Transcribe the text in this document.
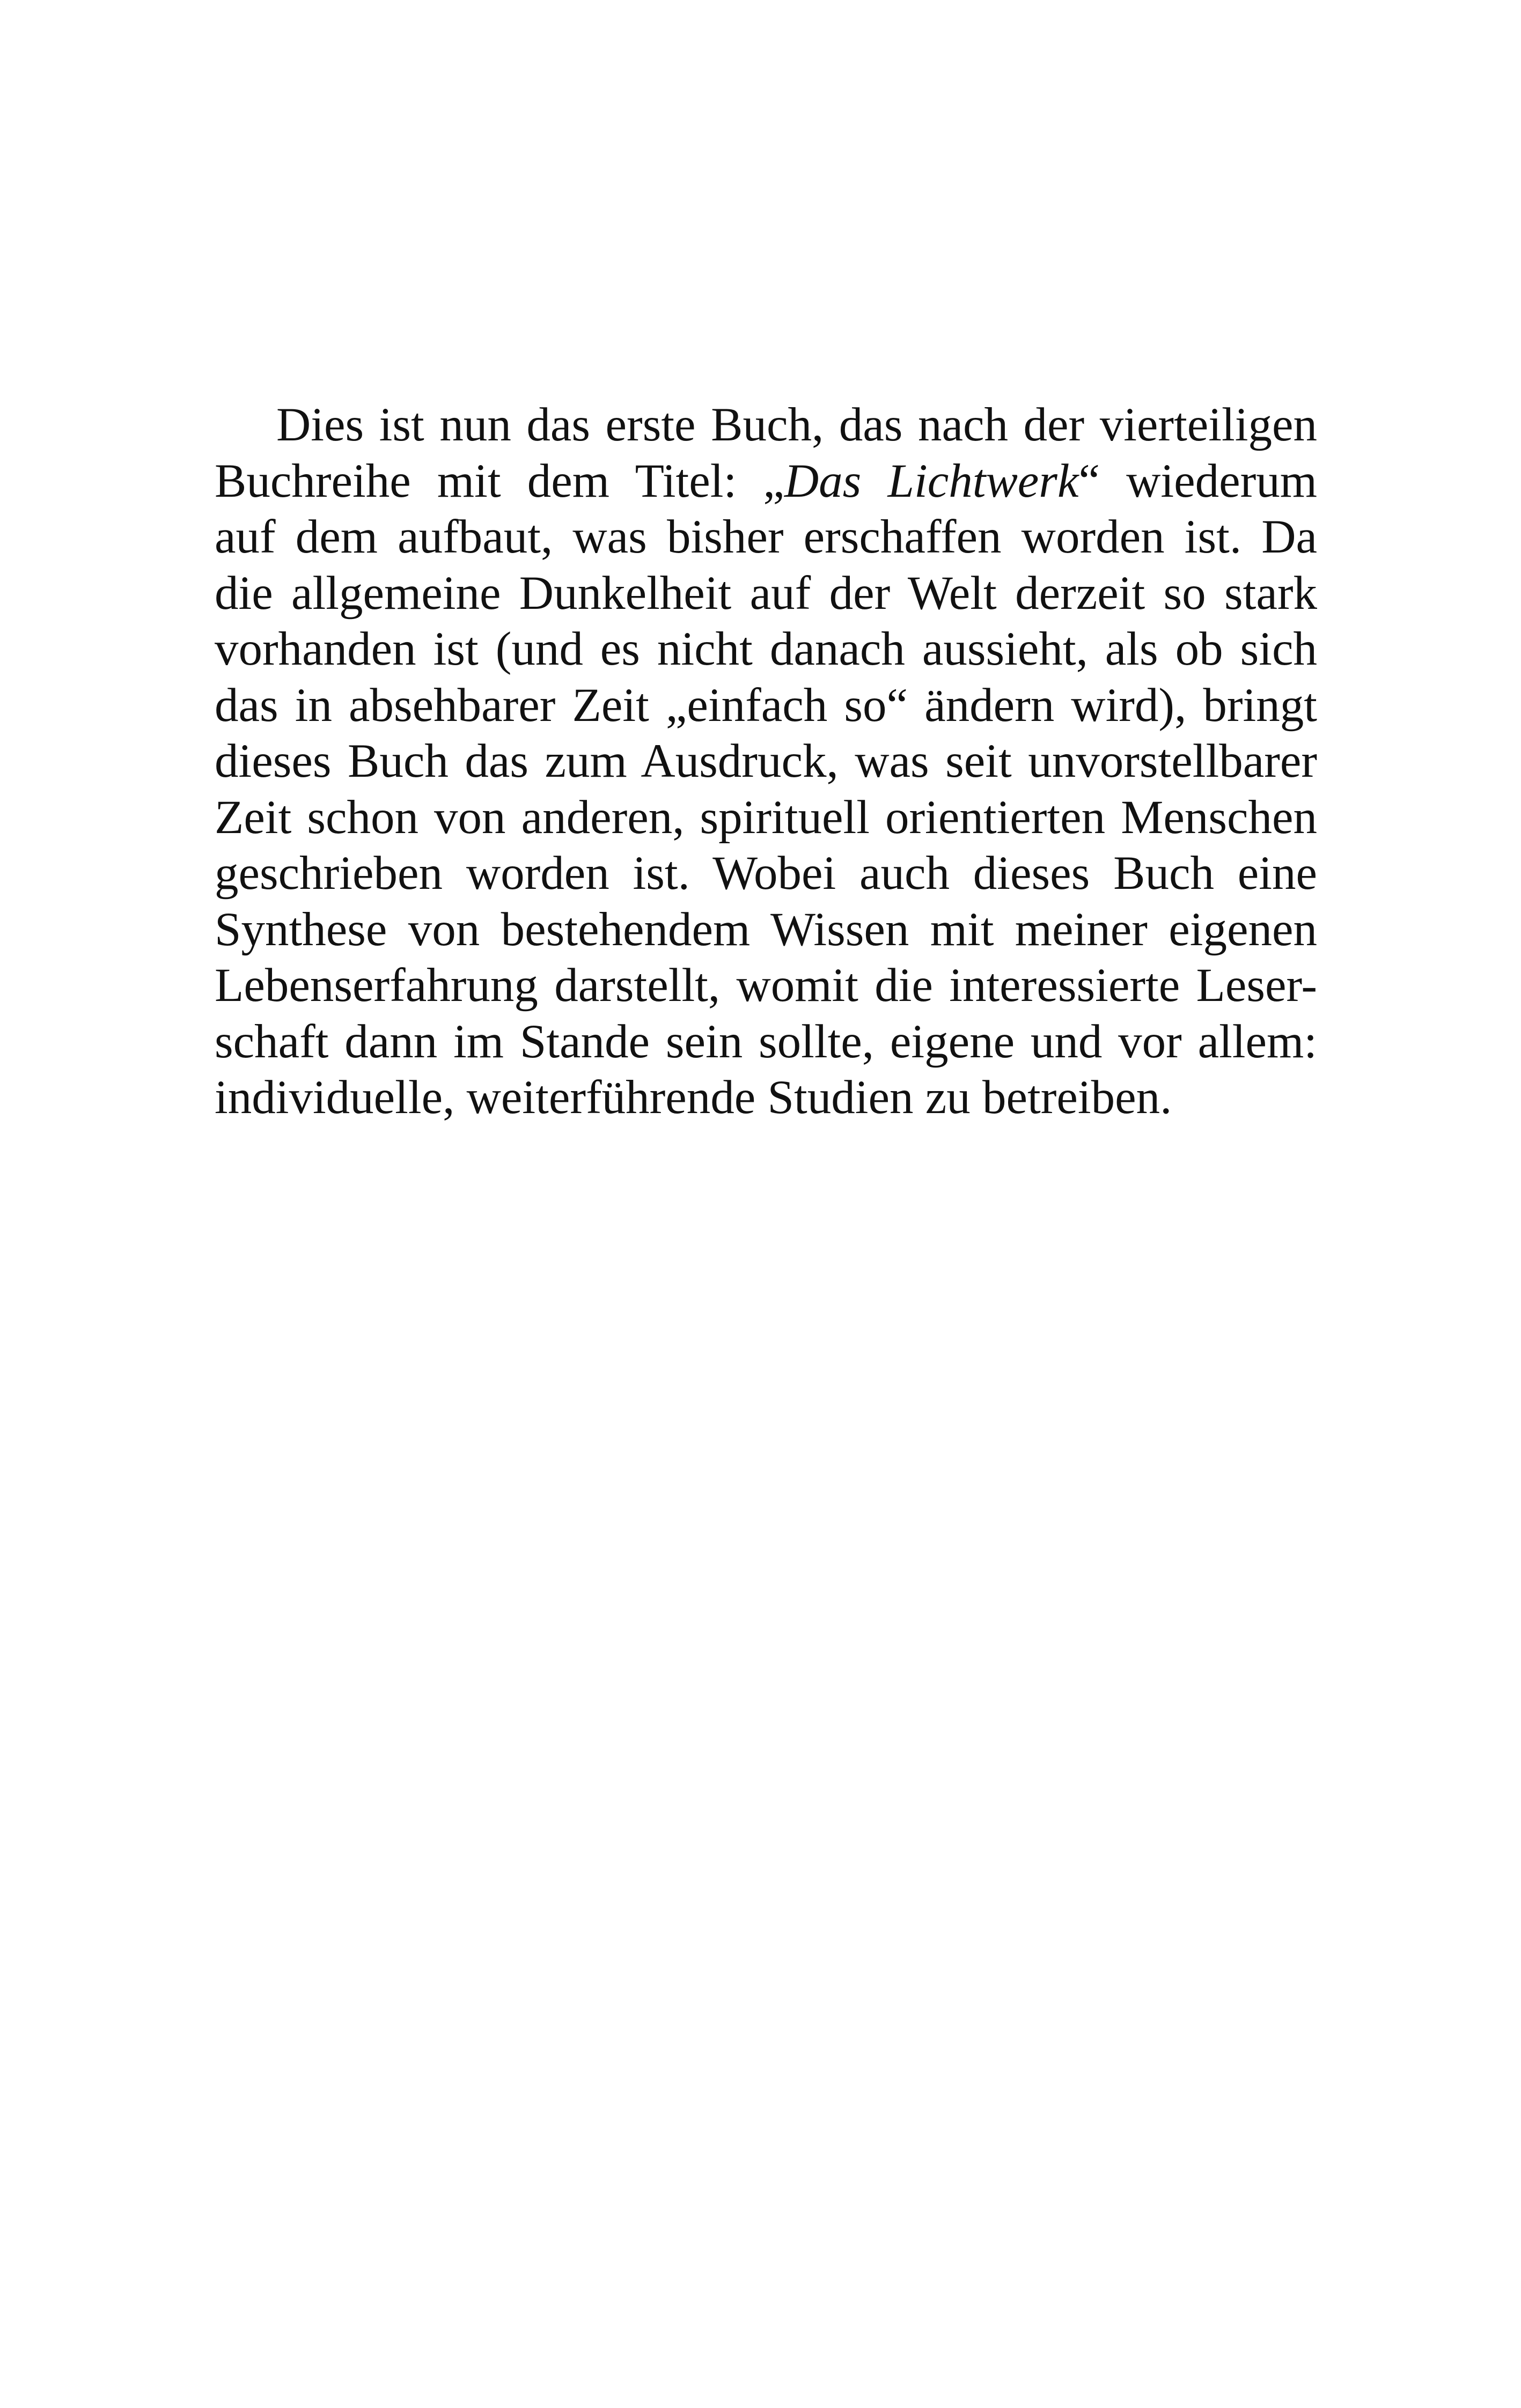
Dies ist nun das erste Buch, das nach der vierteiligen
Buchreihe mit dem Titel: „Das Lichtwerk“ wiederum
auf dem aufbaut, was bisher erschaffen worden ist. Da
die allgemeine Dunkelheit auf der Welt derzeit so stark
vorhanden ist (und es nicht danach aussieht, als ob sich
das in absehbarer Zeit „einfach so“ ändern wird), bringt
dieses Buch das zum Ausdruck, was seit unvorstellbarer
Zeit schon von anderen, spirituell orientierten Menschen
geschrieben worden ist. Wobei auch dieses Buch eine
Synthese von bestehendem Wissen mit meiner eigenen
Lebenserfahrung darstellt, womit die interessierte Leser-
schaft dann im Stande sein sollte, eigene und vor allem:
individuelle, weiterführende Studien zu betreiben.
